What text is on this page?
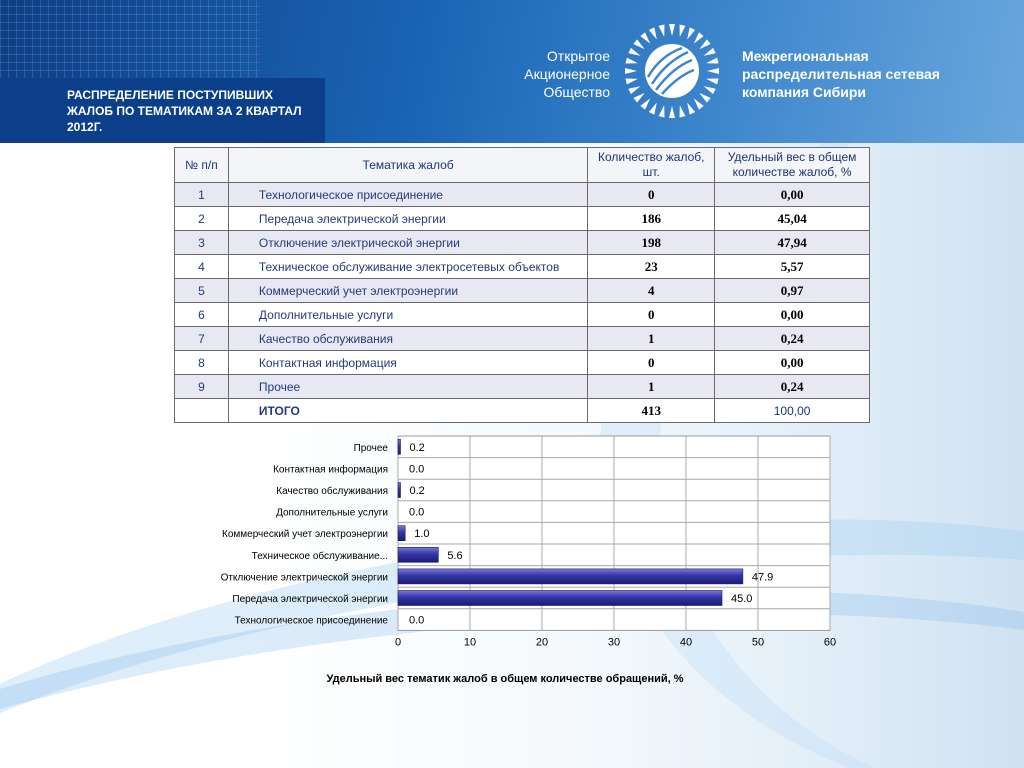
РАСПРЕДЕЛЕНИЕ ПОСТУПИВШИХ ЖАЛОБ ПО ТЕМАТИКАМ ЗА 2 КВАРТАЛ 2012Г.
Открытое
Акционерное
Общество
Межрегиональная
распределительная сетевая
компания Сибири
№ п/п	Тематика жалоб	Количество жалоб, шт.	Удельный вес в общем количестве жалоб, %
1	Технологическое присоединение	0	0,00
2	Передача электрической энергии	186	45,04
3	Отключение электрической энергии	198	47,94
4	Техническое обслуживание электросетевых объектов	23	5,57
5	Коммерческий учет электроэнергии	4	0,97
6	Дополнительные услуги	0	0,00
7	Качество обслуживания	1	0,24
8	Контактная информация	0	0,00
9	Прочее	1	0,24
	ИТОГО	413	100,00
0	10	20	30	40	50	60
Прочее 0.2
Контактная информация 0.0
Качество обслуживания 0.2
Дополнительные услуги 0.0
Коммерческий учет электроэнергии 1.0
Техническое обслуживание...	5.6
Отключение электрической энергии	47.9
Передача электрической энергии	45.0
Технологическое присоединение 0.0
Удельный вес тематик жалоб в общем количестве обращений, %
